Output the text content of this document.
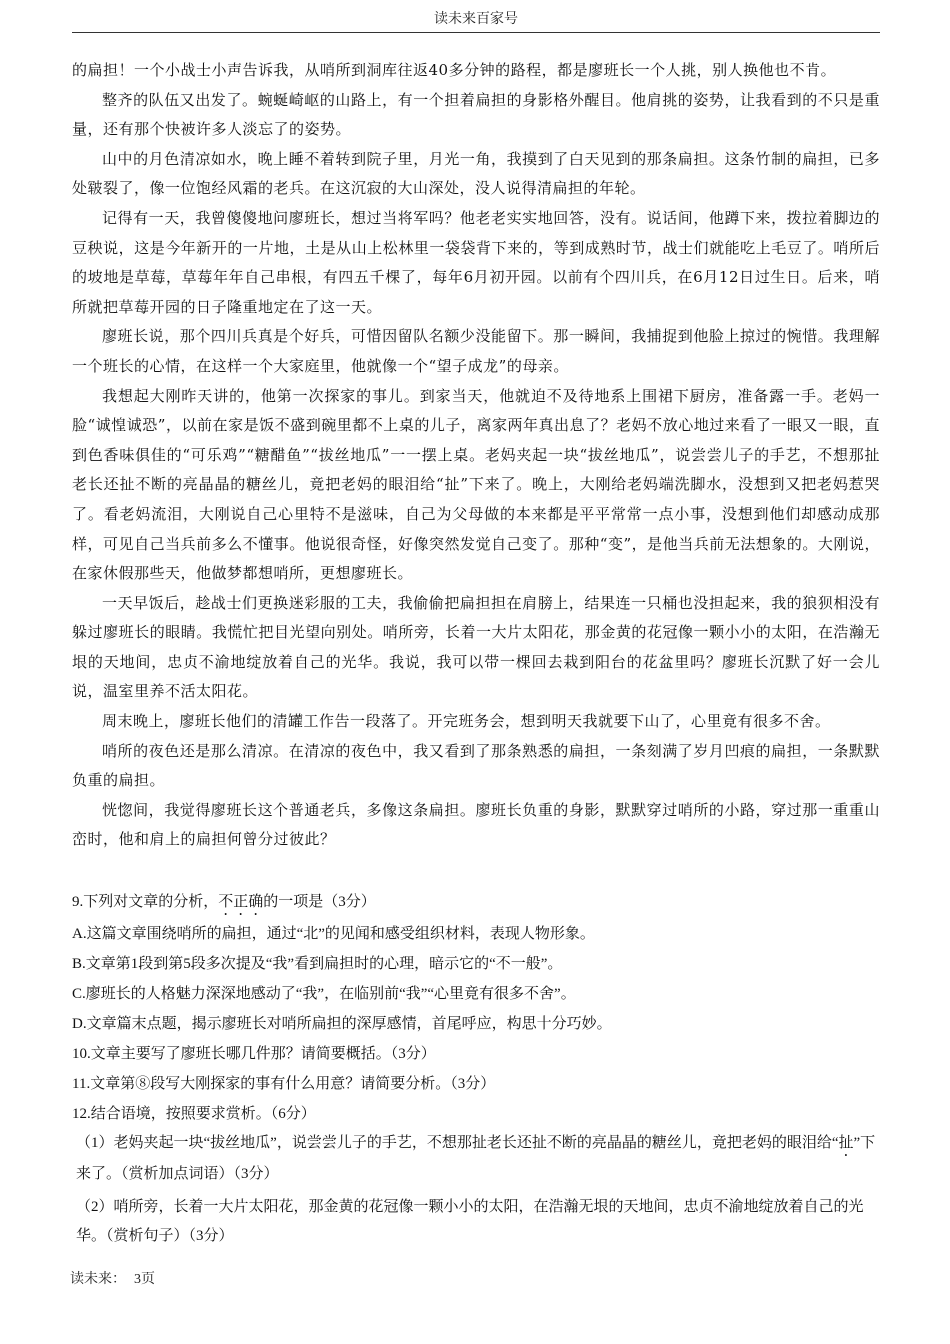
读未来百家号

的扁担！一个小战士小声告诉我，从哨所到洞库往返40多分钟的路程，都是廖班长一个人挑，别人换他也不肯。

整齐的队伍又出发了。蜿蜒崎岖的山路上，有一个担着扁担的身影格外醒目。他肩挑的姿势，让我看到的不只是重量，还有那个快被许多人淡忘了的姿势。

山中的月色清凉如水，晚上睡不着转到院子里，月光一角，我摸到了白天见到的那条扁担。这条竹制的扁担，已多处皲裂了，像一位饱经风霜的老兵。在这沉寂的大山深处，没人说得清扁担的年轮。

记得有一天，我曾傻傻地问廖班长，想过当将军吗？他老老实实地回答，没有。说话间，他蹲下来，拨拉着脚边的豆秧说，这是今年新开的一片地，土是从山上松林里一袋袋背下来的，等到成熟时节，战士们就能吃上毛豆了。哨所后的坡地是草莓，草莓年年自己串根，有四五千棵了，每年6月初开园。以前有个四川兵，在6月12日过生日。后来，哨所就把草莓开园的日子隆重地定在了这一天。

廖班长说，那个四川兵真是个好兵，可惜因留队名额少没能留下。那一瞬间，我捕捉到他脸上掠过的惋惜。我理解一个班长的心情，在这样一个大家庭里，他就像一个“望子成龙”的母亲。

我想起大刚昨天讲的，他第一次探家的事儿。到家当天，他就迫不及待地系上围裙下厨房，准备露一手。老妈一脸“诚惶诚恐”，以前在家是饭不盛到碗里都不上桌的儿子，离家两年真出息了？老妈不放心地过来看了一眼又一眼，直到色香味俱佳的“可乐鸡”“糖醋鱼”“拔丝地瓜”一一摆上桌。老妈夹起一块“拔丝地瓜”，说尝尝儿子的手艺，不想那扯老长还扯不断的亮晶晶的糖丝儿，竟把老妈的眼泪给“扯”下来了。晚上，大刚给老妈端洗脚水，没想到又把老妈惹哭了。看老妈流泪，大刚说自己心里特不是滋味，自己为父母做的本来都是平平常常一点小事，没想到他们却感动成那样，可见自己当兵前多么不懂事。他说很奇怪，好像突然发觉自己变了。那种“变”，是他当兵前无法想象的。大刚说，在家休假那些天，他做梦都想哨所，更想廖班长。

一天早饭后，趁战士们更换迷彩服的工夫，我偷偷把扁担担在肩膀上，结果连一只桶也没担起来，我的狼狈相没有躲过廖班长的眼睛。我慌忙把目光望向别处。哨所旁，长着一大片太阳花，那金黄的花冠像一颗小小的太阳，在浩瀚无垠的天地间，忠贞不渝地绽放着自己的光华。我说，我可以带一棵回去栽到阳台的花盆里吗？廖班长沉默了好一会儿说，温室里养不活太阳花。

周末晚上，廖班长他们的清罐工作告一段落了。开完班务会，想到明天我就要下山了，心里竟有很多不舍。

哨所的夜色还是那么清凉。在清凉的夜色中，我又看到了那条熟悉的扁担，一条刻满了岁月凹痕的扁担，一条默默负重的扁担。

恍惚间，我觉得廖班长这个普通老兵，多像这条扁担。廖班长负重的身影，默默穿过哨所的小路，穿过那一重重山峦时，他和肩上的扁担何曾分过彼此？

9.下列对文章的分析，不正确的一项是（3分）

A.这篇文章围绕哨所的扁担，通过“北”的见闻和感受组织材料，表现人物形象。

B.文章第1段到第5段多次提及“我”看到扁担时的心理，暗示它的“不一般”。

C.廖班长的人格魅力深深地感动了“我”，在临别前“我”“心里竟有很多不舍”。

D.文章篇末点题，揭示廖班长对哨所扁担的深厚感情，首尾呼应，构思十分巧妙。

10.文章主要写了廖班长哪几件那？请简要概括。（3分）

11.文章第⑧段写大刚探家的事有什么用意？请简要分析。（3分）

12.结合语境，按照要求赏析。（6分）

（1）老妈夹起一块“拔丝地瓜”，说尝尝儿子的手艺，不想那扯老长还扯不断的亮晶晶的糖丝儿，竟把老妈的眼泪给“扯”下来了。（赏析加点词语）（3分）

（2）哨所旁，长着一大片太阳花，那金黄的花冠像一颗小小的太阳，在浩瀚无垠的天地间，忠贞不渝地绽放着自己的光华。（赏析句子）（3分）

读未来： 3页
